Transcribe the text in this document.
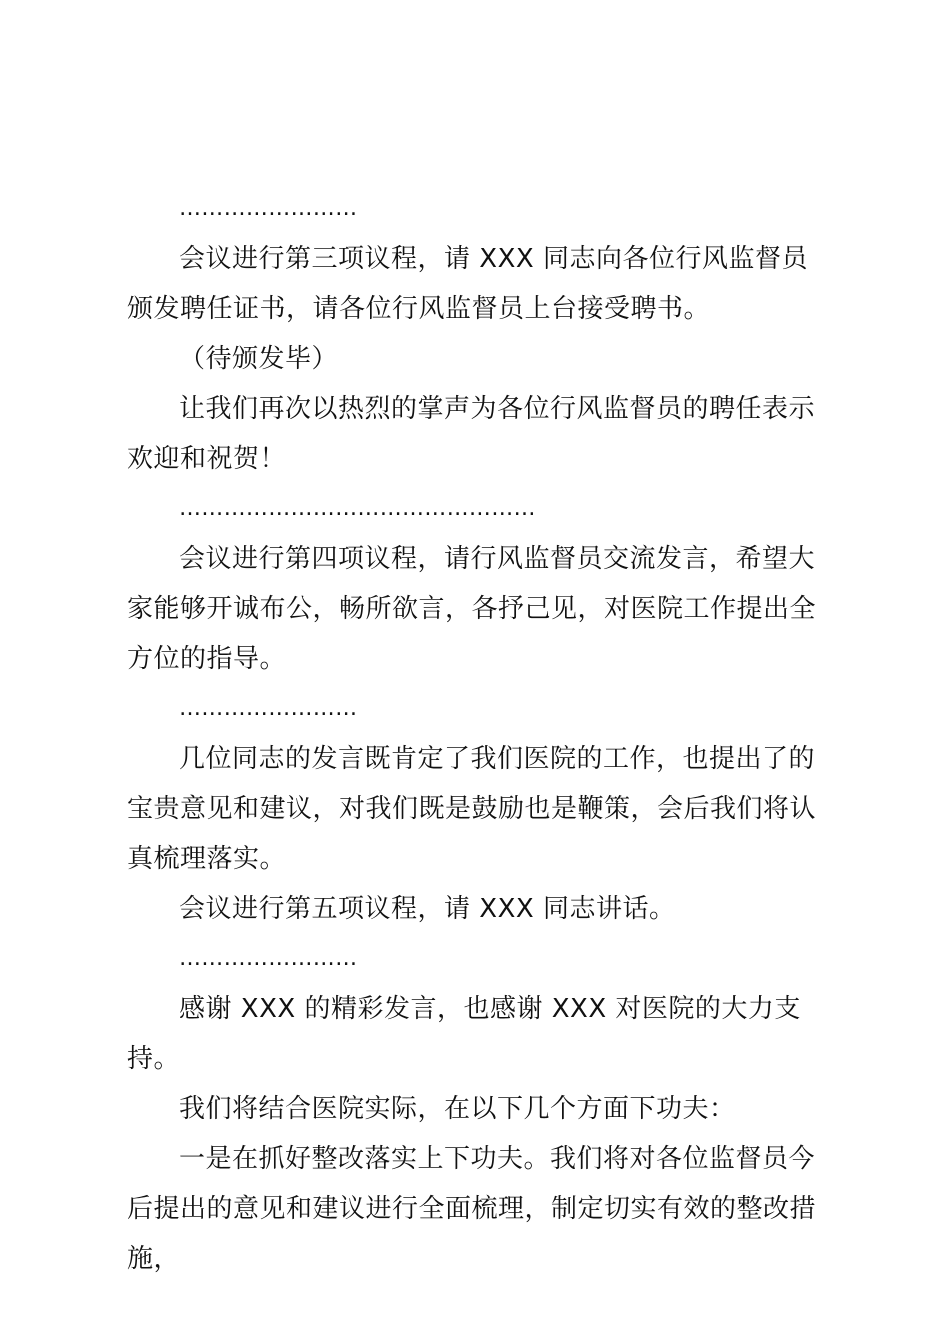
……………………

会议进行第三项议程，请 XXX 同志向各位行风监督员颁发聘任证书，请各位行风监督员上台接受聘书。

（待颁发毕）

让我们再次以热烈的掌声为各位行风监督员的聘任表示欢迎和祝贺！

…………………………………………

会议进行第四项议程，请行风监督员交流发言，希望大家能够开诚布公，畅所欲言，各抒己见，对医院工作提出全方位的指导。

……………………

几位同志的发言既肯定了我们医院的工作，也提出了的宝贵意见和建议，对我们既是鼓励也是鞭策，会后我们将认真梳理落实。

会议进行第五项议程，请 XXX 同志讲话。

……………………

感谢 XXX 的精彩发言，也感谢 XXX 对医院的大力支持。

我们将结合医院实际，在以下几个方面下功夫：

一是在抓好整改落实上下功夫。我们将对各位监督员今后提出的意见和建议进行全面梳理，制定切实有效的整改措施，
